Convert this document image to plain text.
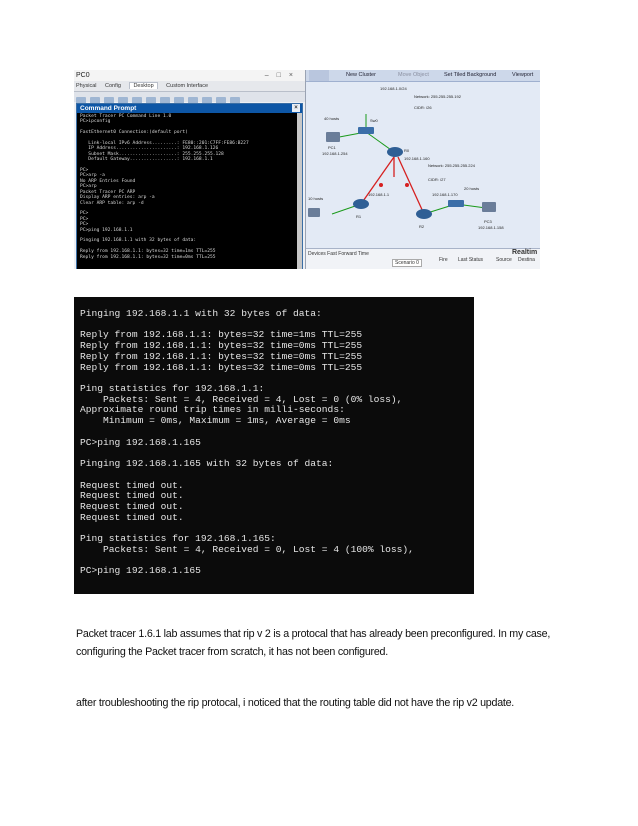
PC0	–□×
Physical Config Desktop Custom Interface
Command Prompt	×
Packet Tracer PC Command Line 1.0
PC>ipconfig

FastEthernet0 Connection:(default port)

Link-local IPv6 Address.........: FE80::201:C7FF:FE86:B227
IP Address......................: 192.168.1.126
Subnet Mask.....................: 255.255.255.128
Default Gateway.................: 192.168.1.1

PC>
PC>arp -a
No ARP Entries Found
PC>arp
Packet Tracer PC ARP
Display ARP entries: arp -a
Clear ARP table: arp -d

PC>
PC>
PC>
PC>ping 192.168.1.1

Pinging 192.168.1.1 with 32 bytes of data:

Reply from 192.168.1.1: bytes=32 time=1ms TTL=255
Reply from 192.168.1.1: bytes=32 time=0ms TTL=255
New Cluster	Move Object	Set Tiled Background	Viewport
192.168.1.0/24
Network: 255.255.255.192
CIDR: /26
40 hosts
PC1
192.168.1.254
Sw0
R0
192.168.1.160
Network: 255.255.255.224
CIDR: /27
192.168.1.1	192.168.1.170
20 hosts
R1
R2
PC3
192.168.1.158
10 hosts
Devices Fast Forward Time
Scenario 0	Fire Last Status	Source Destina
Realtim
Pinging 192.168.1.1 with 32 bytes of data:

Reply from 192.168.1.1: bytes=32 time=1ms TTL=255
Reply from 192.168.1.1: bytes=32 time=0ms TTL=255
Reply from 192.168.1.1: bytes=32 time=0ms TTL=255
Reply from 192.168.1.1: bytes=32 time=0ms TTL=255

Ping statistics for 192.168.1.1:
Packets: Sent = 4, Received = 4, Lost = 0 (0% loss),
Approximate round trip times in milli-seconds:
Minimum = 0ms, Maximum = 1ms, Average = 0ms

PC>ping 192.168.1.165

Pinging 192.168.1.165 with 32 bytes of data:

Request timed out.
Request timed out.
Request timed out.
Request timed out.

Ping statistics for 192.168.1.165:
Packets: Sent = 4, Received = 0, Lost = 4 (100% loss),

PC>ping 192.168.1.165

Packet tracer 1.6.1 lab assumes that rip v 2 is a protocal that has already been preconfigured. In my case, configuring the Packet tracer from scratch, it has not been configured.

after troubleshooting the rip protocal, i noticed that the routing table did not have the rip v2 update.
